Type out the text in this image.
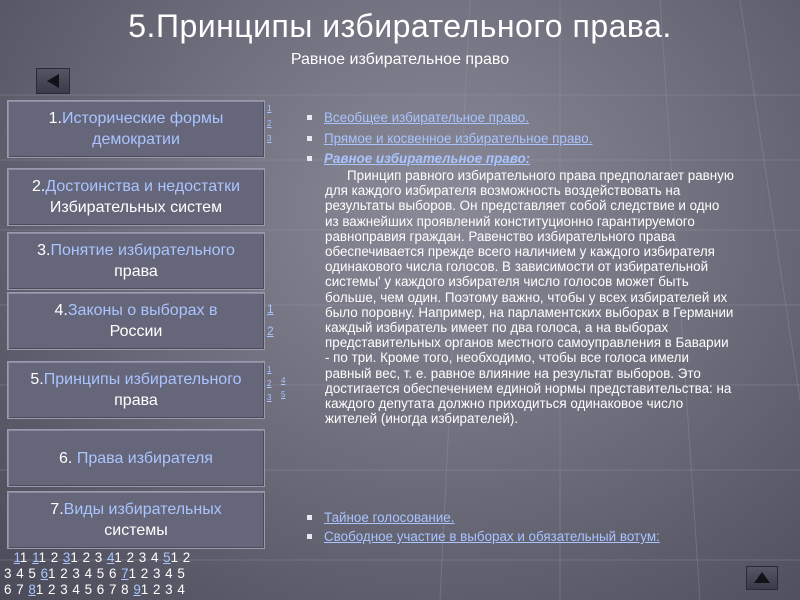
5.Принципы избирательного права.
Равное избирательное право
1.Исторические формы демократии
2.Достоинства и недостатки
Избирательных систем
3.Понятие избирательного
права
4.Законы о выборах в
России
5.Принципы избирательного
права
6. Права избирателя
7.Виды избирательных
системы
1
2
3
1
2
1
2
3
4
5
Всеобщее избирательное право.
Прямое и косвенное избирательное право.
Равное избирательное право:
Принцип равного избирательного права предполагает равную для каждого избирателя возможность воздействовать на результаты выборов. Он представляет собой следствие и одно из важнейших проявлений конституционно гарантируемого равноправия граждан. Равенство избирательного права обеспечивается прежде всего наличием у каждого избирателя одинакового числа голосов. В зависимости от избирательной системы' у каждого избирателя число голосов может быть больше, чем один. Поэтому важно, чтобы у всех избирателей их было поровну. Например, на парламентских выборах в Германии каждый избиратель имеет по два голоса, а на выборах представительных органов местного самоуправления в Баварии - по три. Кроме того, необходимо, чтобы все голоса имели равный вес, т. е. равное влияние на результат выборов. Это достигается обеспечением единой нормы представительства: на каждого депутата должно приходиться одинаковое число жителей (иногда избирателей).
Тайное голосование.
Свободное участие в выборах и обязательный вотум:
11 11 2 31 2 3 41 2 3 4 51 2
3 4 5 61 2 3 4 5 6 71 2 3 4 5
6 7 81 2 3 4 5 6 7 8 91 2 3 4
